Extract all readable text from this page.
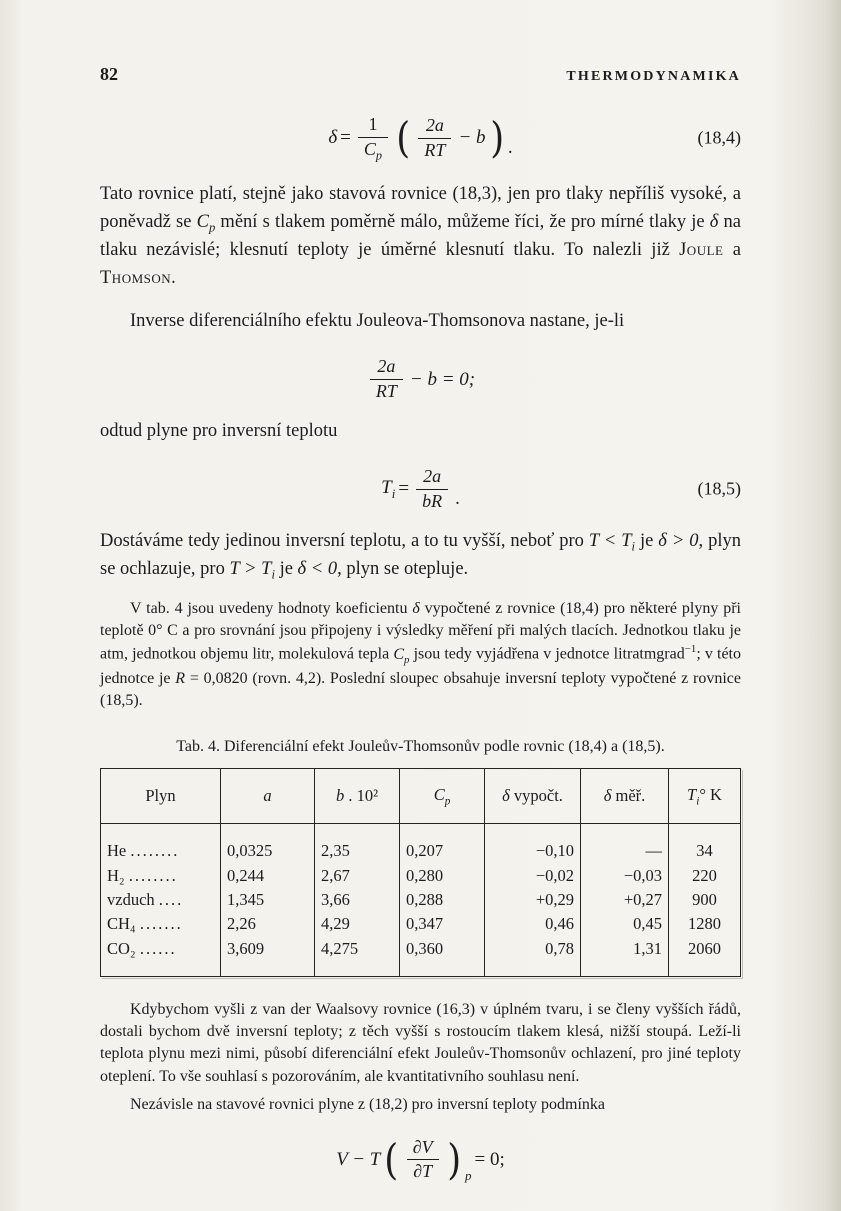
82	THERMODYNAMIKA
$\delta = \frac{1}{C_p}$ ( $\frac{2a}{RT} - b$ ) .	(18,4)

Tato rovnice platí, stejně jako stavová rovnice (18,3), jen pro tlaky nepříliš vysoké, a poněvadž se $C_p$ mění s tlakem poměrně málo, můžeme říci, že pro mírné tlaky je δ na tlaku nezávislé; klesnutí teploty je úměrné klesnutí tlaku. To nalezli již Joule a Thomson.

Inverse diferenciálního efektu Jouleova-Thomsonova nastane, je-li

$\frac{2a}{RT} - b = 0$;

odtud plyne pro inversní teplotu

$T_i = \frac{2a}{bR}$ .	(18,5)

Dostáváme tedy jedinou inversní teplotu, a to tu vyšší, neboť pro $T < T_i$ je δ > 0, plyn se ochlazuje, pro $T > T_i$ je δ < 0, plyn se otepluje.

V tab. 4 jsou uvedeny hodnoty koeficientu δ vypočtené z rovnice (18,4) pro některé plyny při teplotě 0° C a pro srovnání jsou připojeny i výsledky měření při malých tlacích. Jednotkou tlaku je atm, jednotkou objemu litr, molekulová tepla $C_p$ jsou tedy vyjádřena v jednotce litratmgrad$^{-1}$; v této jednotce je R = 0,0820 (rovn. 4,2). Poslední sloupec obsahuje inversní teploty vypočtené z rovnice (18,5).

Tab. 4. Diferenciální efekt Jouleův-Thomsonův podle rovnic (18,4) a (18,5).
Plyn	a	b . 10²	$C_p$	δ vypočt.	δ měř.	$T_i^\circ$ K
He ........	0,0325	2,35	0,207	−0,10	—	34
H₂ ........	0,244	2,67	0,280	−0,02	−0,03	220
vzduch ....	1,345	3,66	0,288	+0,29	+0,27	900
CH₄ .......	2,26	4,29	0,347	0,46	0,45	1280
CO₂ ......	3,609	4,275	0,360	0,78	1,31	2060

Kdybychom vyšli z van der Waalsovy rovnice (16,3) v úplném tvaru, i se členy vyšších řádů, dostali bychom dvě inversní teploty; z těch vyšší s rostoucím tlakem klesá, nižší stoupá. Leží-li teplota plynu mezi nimi, působí diferenciální efekt Jouleův-Thomsonův ochlazení, pro jiné teploty oteplení. To vše souhlasí s pozorováním, ale kvantitativního souhlasu není.

Nezávisle na stavové rovnici plyne z (18,2) pro inversní teploty podmínka

V − T ( $\frac{\partial V}{\partial T}$ ) p
= 0;
